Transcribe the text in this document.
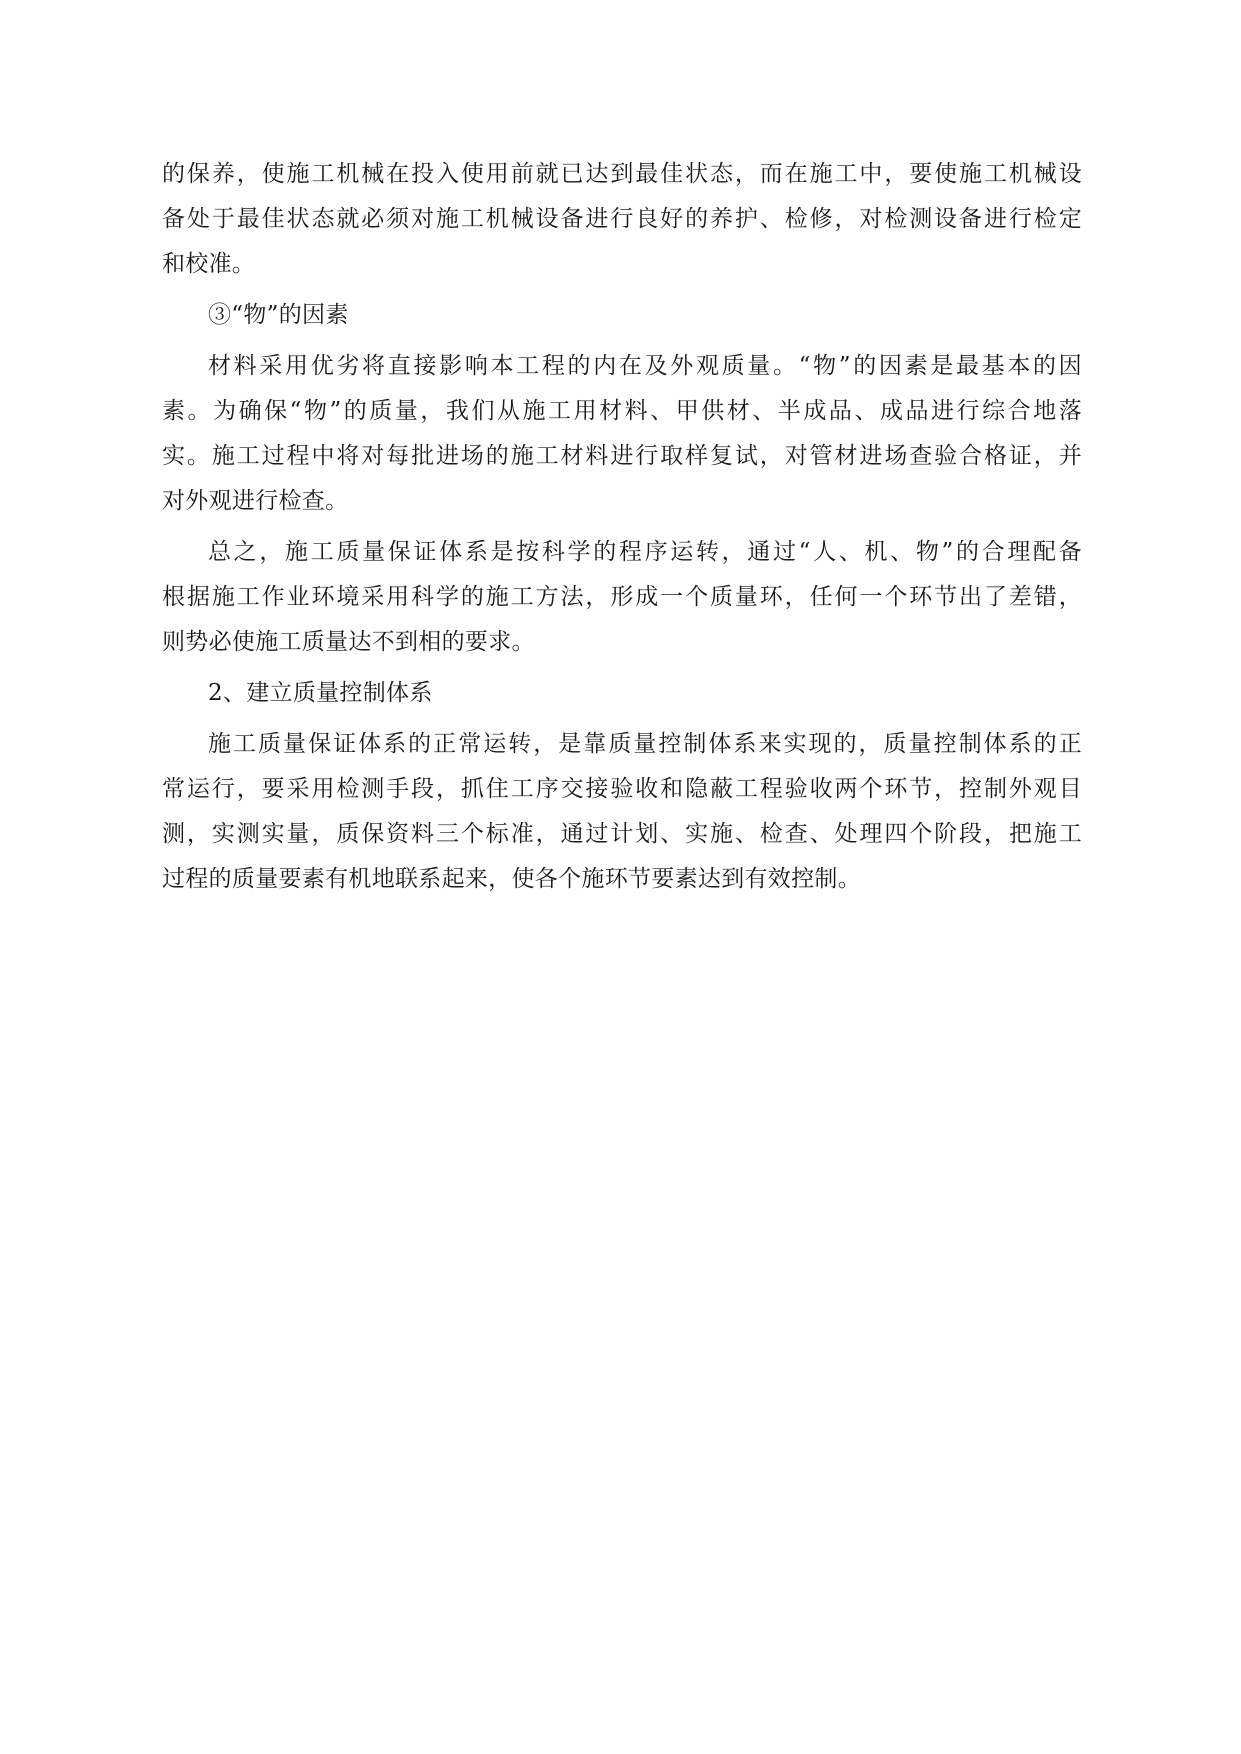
的保养，使施工机械在投入使用前就已达到最佳状态，而在施工中，要使施工机械设
备处于最佳状态就必须对施工机械设备进行良好的养护、检修，对检测设备进行检定
和校准。
③“物”的因素
材料采用优劣将直接影响本工程的内在及外观质量。“物”的因素是最基本的因
素。为确保“物”的质量，我们从施工用材料、甲供材、半成品、成品进行综合地落
实。施工过程中将对每批进场的施工材料进行取样复试，对管材进场查验合格证，并
对外观进行检查。
总之，施工质量保证体系是按科学的程序运转，通过“人、机、物”的合理配备
根据施工作业环境采用科学的施工方法，形成一个质量环，任何一个环节出了差错，
则势必使施工质量达不到相的要求。
2、建立质量控制体系
施工质量保证体系的正常运转，是靠质量控制体系来实现的，质量控制体系的正
常运行，要采用检测手段，抓住工序交接验收和隐蔽工程验收两个环节，控制外观目
测，实测实量，质保资料三个标准，通过计划、实施、检查、处理四个阶段，把施工
过程的质量要素有机地联系起来，使各个施环节要素达到有效控制。
